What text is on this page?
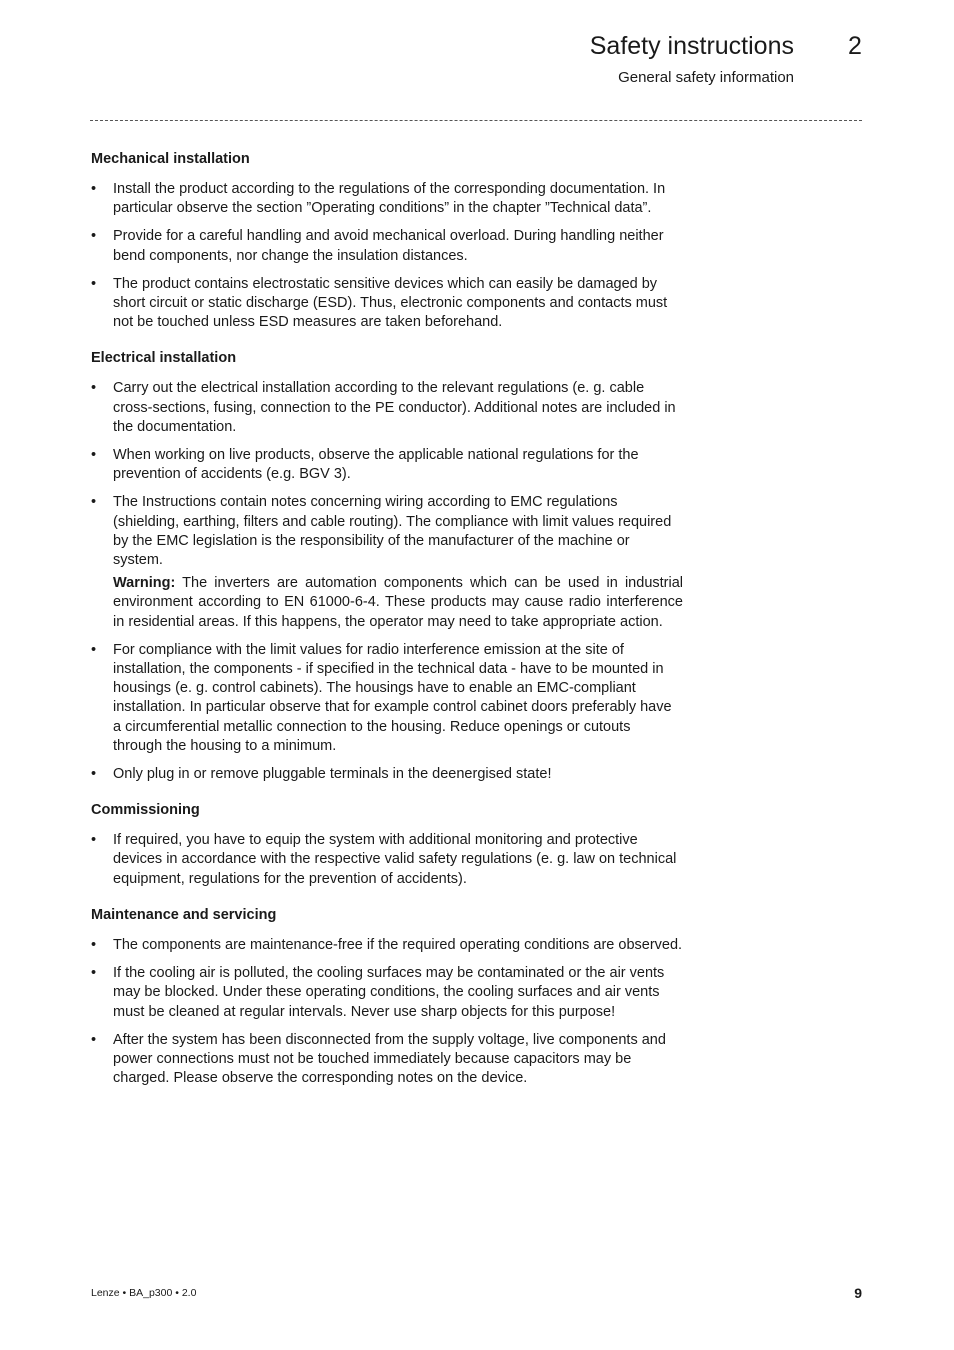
Safety instructions 2
General safety information
Mechanical installation
•	Install the product according to the regulations of the corresponding documentation. In particular observe the section ”Operating conditions” in the chapter ”Technical data”.
•	Provide for a careful handling and avoid mechanical overload. During handling neither bend components, nor change the insulation distances.
•	The product contains electrostatic sensitive devices which can easily be damaged by short circuit or static discharge (ESD). Thus, electronic components and contacts must not be touched unless ESD measures are taken beforehand.
Electrical installation
•	Carry out the electrical installation according to the relevant regulations (e. g. cable cross-sections, fusing, connection to the PE conductor). Additional notes are included in the documentation.
•	When working on live products, observe the applicable national regulations for the prevention of accidents (e.g. BGV 3).
•	The Instructions contain notes concerning wiring according to EMC regulations (shielding, earthing, filters and cable routing). The compliance with limit values required by the EMC legislation is the responsibility of the manufacturer of the machine or system.
Warning: The inverters are automation components which can be used in industrial environment according to EN 61000-6-4. These products may cause radio interference in residential areas. If this happens, the operator may need to take appropriate action.
•	For compliance with the limit values for radio interference emission at the site of installation, the components - if specified in the technical data - have to be mounted in housings (e. g. control cabinets). The housings have to enable an EMC-compliant installation. In particular observe that for example control cabinet doors preferably have a circumferential metallic connection to the housing. Reduce openings or cutouts through the housing to a minimum.
•	Only plug in or remove pluggable terminals in the deenergised state!
Commissioning
•	If required, you have to equip the system with additional monitoring and protective devices in accordance with the respective valid safety regulations (e. g. law on technical equipment, regulations for the prevention of accidents).
Maintenance and servicing
•	The components are maintenance-free if the required operating conditions are observed.
•	If the cooling air is polluted, the cooling surfaces may be contaminated or the air vents may be blocked. Under these operating conditions, the cooling surfaces and air vents must be cleaned at regular intervals. Never use sharp objects for this purpose!
•	After the system has been disconnected from the supply voltage, live components and power connections must not be touched immediately because capacitors may be charged. Please observe the corresponding notes on the device.
Lenze • BA_p300 • 2.0	9
